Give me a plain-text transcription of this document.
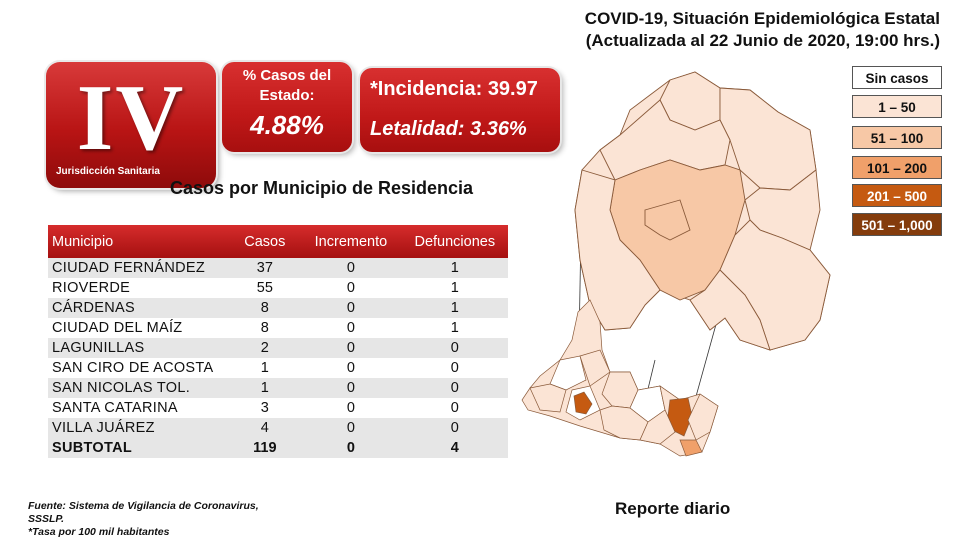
COVID-19, Situación Epidemiológica Estatal
(Actualizada al 22 Junio de 2020, 19:00 hrs.)
IV
Jurisdicción Sanitaria
% Casos del
Estado:
4.88%
*Incidencia: 39.97
Letalidad: 3.36%
Casos por Municipio de Residencia
Municipio	Casos	Incremento	Defunciones
CIUDAD FERNÁNDEZ	37	0	1
RIOVERDE	55	0	1
CÁRDENAS	8	0	1
CIUDAD DEL MAÍZ	8	0	1
LAGUNILLAS	2	0	0
SAN CIRO DE ACOSTA	1	0	0
SAN NICOLAS TOL.	1	0	0
SANTA CATARINA	3	0	0
VILLA JUÁREZ	4	0	0
SUBTOTAL	119	0	4
Fuente: Sistema de Vigilancia de Coronavirus,
SSSLP.
*Tasa por 100 mil habitantes
Reporte diario
Sin casos
1 – 50
51 – 100
101 – 200
201 – 500
501 – 1,000
